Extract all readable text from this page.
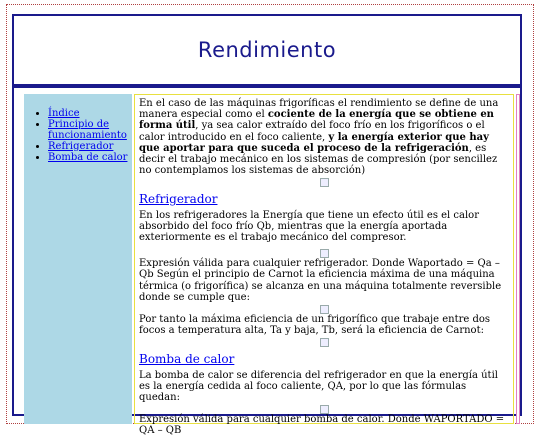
Rendimiento
• Índice
• Principio de funcionamiento
• Refrigerador
• Bomba de calor

En el caso de las máquinas frigoríficas el rendimiento se define de una manera especial como el cociente de la energía que se obtiene en forma útil, ya sea calor extraído del foco frío en los frigoríficos o el calor introducido en el foco caliente, y la energía exterior que hay que aportar para que suceda el proceso de la refrigeración, es decir el trabajo mecánico en los sistemas de compresión (por sencillez no contemplamos los sistemas de absorción)

Refrigerador

En los refrigeradores la Energía que tiene un efecto útil es el calor absorbido del foco frío Qb, mientras que la energía aportada exteriormente es el trabajo mecánico del compresor.

Expresión válida para cualquier refrigerador. Donde Waportado = Qa – Qb Según el principio de Carnot la eficiencia máxima de una máquina térmica (o frigorífica) se alcanza en una máquina totalmente reversible donde se cumple que:

Por tanto la máxima eficiencia de un frigorífico que trabaje entre dos focos a temperatura alta, Ta y baja, Tb, será la eficiencia de Carnot:

Bomba de calor

La bomba de calor se diferencia del refrigerador en que la energía útil es la energía cedida al foco caliente, QA, por lo que las fórmulas quedan:

Expresión válida para cualquier bomba de calor. Donde WAPORTADO = QA – QB
